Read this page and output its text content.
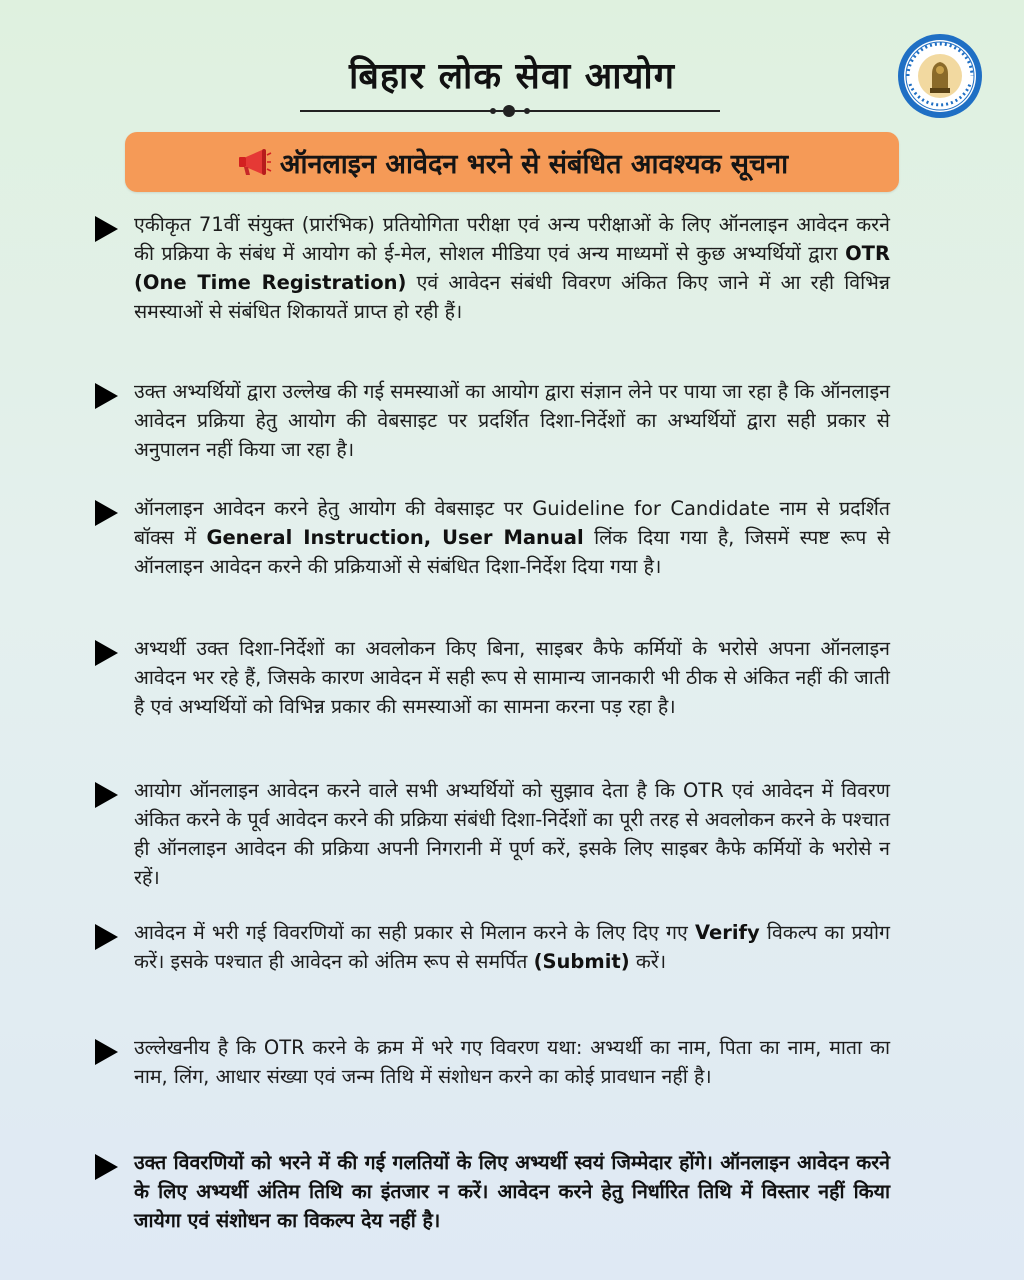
बिहार लोक सेवा आयोग
ऑनलाइन आवेदन भरने से संबंधित आवश्यक सूचना

एकीकृत 71वीं संयुक्त (प्रारंभिक) प्रतियोगिता परीक्षा एवं अन्य परीक्षाओं के लिए ऑनलाइन आवेदन करने की प्रक्रिया के संबंध में आयोग को ई-मेल, सोशल मीडिया एवं अन्य माध्यमों से कुछ अभ्यर्थियों द्वारा OTR (One Time Registration) एवं आवेदन संबंधी विवरण अंकित किए जाने में आ रही विभिन्न समस्याओं से संबंधित शिकायतें प्राप्त हो रही हैं।

उक्त अभ्यर्थियों द्वारा उल्लेख की गई समस्याओं का आयोग द्वारा संज्ञान लेने पर पाया जा रहा है कि ऑनलाइन आवेदन प्रक्रिया हेतु आयोग की वेबसाइट पर प्रदर्शित दिशा-निर्देशों का अभ्यर्थियों द्वारा सही प्रकार से अनुपालन नहीं किया जा रहा है।

ऑनलाइन आवेदन करने हेतु आयोग की वेबसाइट पर Guideline for Candidate नाम से प्रदर्शित बॉक्स में General Instruction, User Manual लिंक दिया गया है, जिसमें स्पष्ट रूप से ऑनलाइन आवेदन करने की प्रक्रियाओं से संबंधित दिशा-निर्देश दिया गया है।

अभ्यर्थी उक्त दिशा-निर्देशों का अवलोकन किए बिना, साइबर कैफे कर्मियों के भरोसे अपना ऑनलाइन आवेदन भर रहे हैं, जिसके कारण आवेदन में सही रूप से सामान्य जानकारी भी ठीक से अंकित नहीं की जाती है एवं अभ्यर्थियों को विभिन्न प्रकार की समस्याओं का सामना करना पड़ रहा है।

आयोग ऑनलाइन आवेदन करने वाले सभी अभ्यर्थियों को सुझाव देता है कि OTR एवं आवेदन में विवरण अंकित करने के पूर्व आवेदन करने की प्रक्रिया संबंधी दिशा-निर्देशों का पूरी तरह से अवलोकन करने के पश्चात ही ऑनलाइन आवेदन की प्रक्रिया अपनी निगरानी में पूर्ण करें, इसके लिए साइबर कैफे कर्मियों के भरोसे न रहें।

आवेदन में भरी गई विवरणियों का सही प्रकार से मिलान करने के लिए दिए गए Verify विकल्प का प्रयोग करें। इसके पश्चात ही आवेदन को अंतिम रूप से समर्पित (Submit) करें।

उल्लेखनीय है कि OTR करने के क्रम में भरे गए विवरण यथा: अभ्यर्थी का नाम, पिता का नाम, माता का नाम, लिंग, आधार संख्या एवं जन्म तिथि में संशोधन करने का कोई प्रावधान नहीं है।

उक्त विवरणियों को भरने में की गई गलतियों के लिए अभ्यर्थी स्वयं जिम्मेदार होंगे। ऑनलाइन आवेदन करने के लिए अभ्यर्थी अंतिम तिथि का इंतजार न करें। आवेदन करने हेतु निर्धारित तिथि में विस्तार नहीं किया जायेगा एवं संशोधन का विकल्प देय नहीं है।
